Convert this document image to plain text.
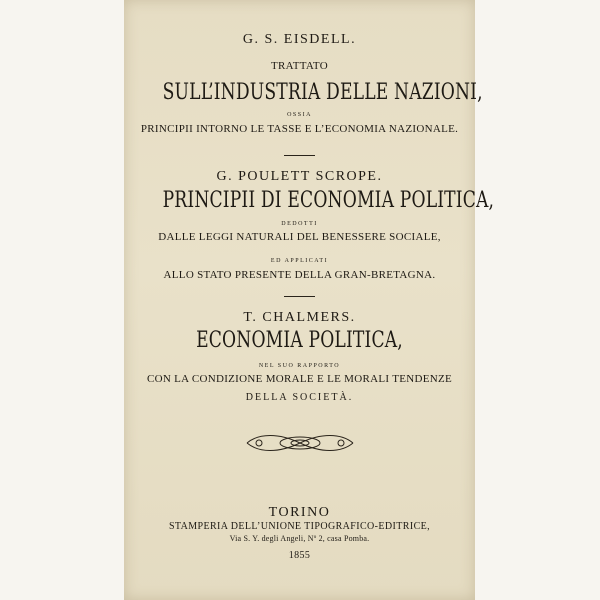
G. S. EISDELL.
TRATTATO
SULL’INDUSTRIA DELLE NAZIONI,
OSSIA
PRINCIPII INTORNO LE TASSE E L’ECONOMIA NAZIONALE.
G. POULETT SCROPE.
PRINCIPII DI ECONOMIA POLITICA,
DEDOTTI
DALLE LEGGI NATURALI DEL BENESSERE SOCIALE,
ED APPLICATI
ALLO STATO PRESENTE DELLA GRAN-BRETAGNA.
T. CHALMERS.
ECONOMIA POLITICA,
NEL SUO RAPPORTO
CON LA CONDIZIONE MORALE E LE MORALI TENDENZE
DELLA SOCIETÀ.
TORINO
STAMPERIA DELL’UNIONE TIPOGRAFICO-EDITRICE,
Via S. Y. degli Angeli, Nº 2, casa Pomba.
1855
